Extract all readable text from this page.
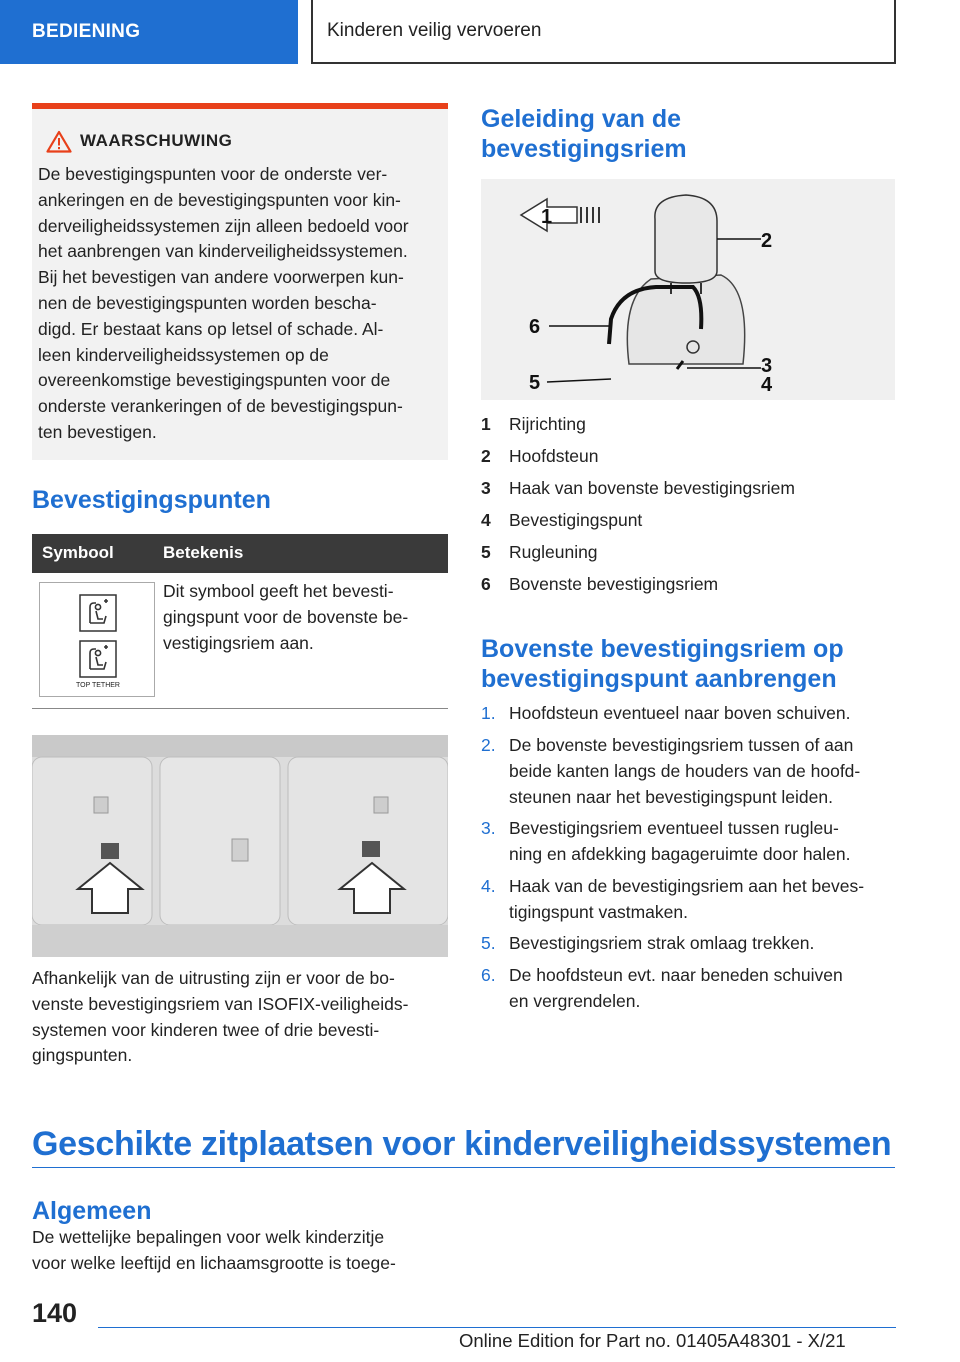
BEDIENING	Kinderen veilig vervoeren
WAARSCHUWING

De bevestigingspunten voor de onderste ver-
ankeringen en de bevestigingspunten voor kin-
derveiligheidssystemen zijn alleen bedoeld voor
het aanbrengen van kinderveiligheidssystemen.
Bij het bevestigen van andere voorwerpen kun-
nen de bevestigingspunten worden bescha-
digd. Er bestaat kans op letsel of schade. Al-
leen kinderveiligheidssystemen op de
overeenkomstige bevestigingspunten voor de
onderste verankeringen of de bevestigingspun-
ten bevestigen.

Bevestigingspunten
Symbool	Betekenis
TOP TETHER
Dit symbool geeft het bevesti-
gingspunt voor de bovenste be-
vestigingsriem aan.
Afhankelijk van de uitrusting zijn er voor de bo-
venste bevestigingsriem van ISOFIX-veiligheids-
systemen voor kinderen twee of drie bevesti-
gingspunten.
Geleiding van de
bevestigingsriem
1
2
3
4
5
6
1 Rijrichting
2 Hoofdsteun
3 Haak van bovenste bevestigingsriem
4 Bevestigingspunt
5 Rugleuning
6 Bovenste bevestigingsriem
Bovenste bevestigingsriem op
bevestigingspunt aanbrengen
1. Hoofdsteun eventueel naar boven schuiven.
2. De bovenste bevestigingsriem tussen of aan
beide kanten langs de houders van de hoofd-
steunen naar het bevestigingspunt leiden.
3. Bevestigingsriem eventueel tussen rugleu-
ning en afdekking bagageruimte door halen.
4. Haak van de bevestigingsriem aan het beves-
tigingspunt vastmaken.
5. Bevestigingsriem strak omlaag trekken.
6. De hoofdsteun evt. naar beneden schuiven
en vergrendelen.
Geschikte zitplaatsen voor kinderveiligheidssystemen
Algemeen
De wettelijke bepalingen voor welk kinderzitje
voor welke leeftijd en lichaamsgrootte is toege-
140
Online Edition for Part no. 01405A48301 - X/21
